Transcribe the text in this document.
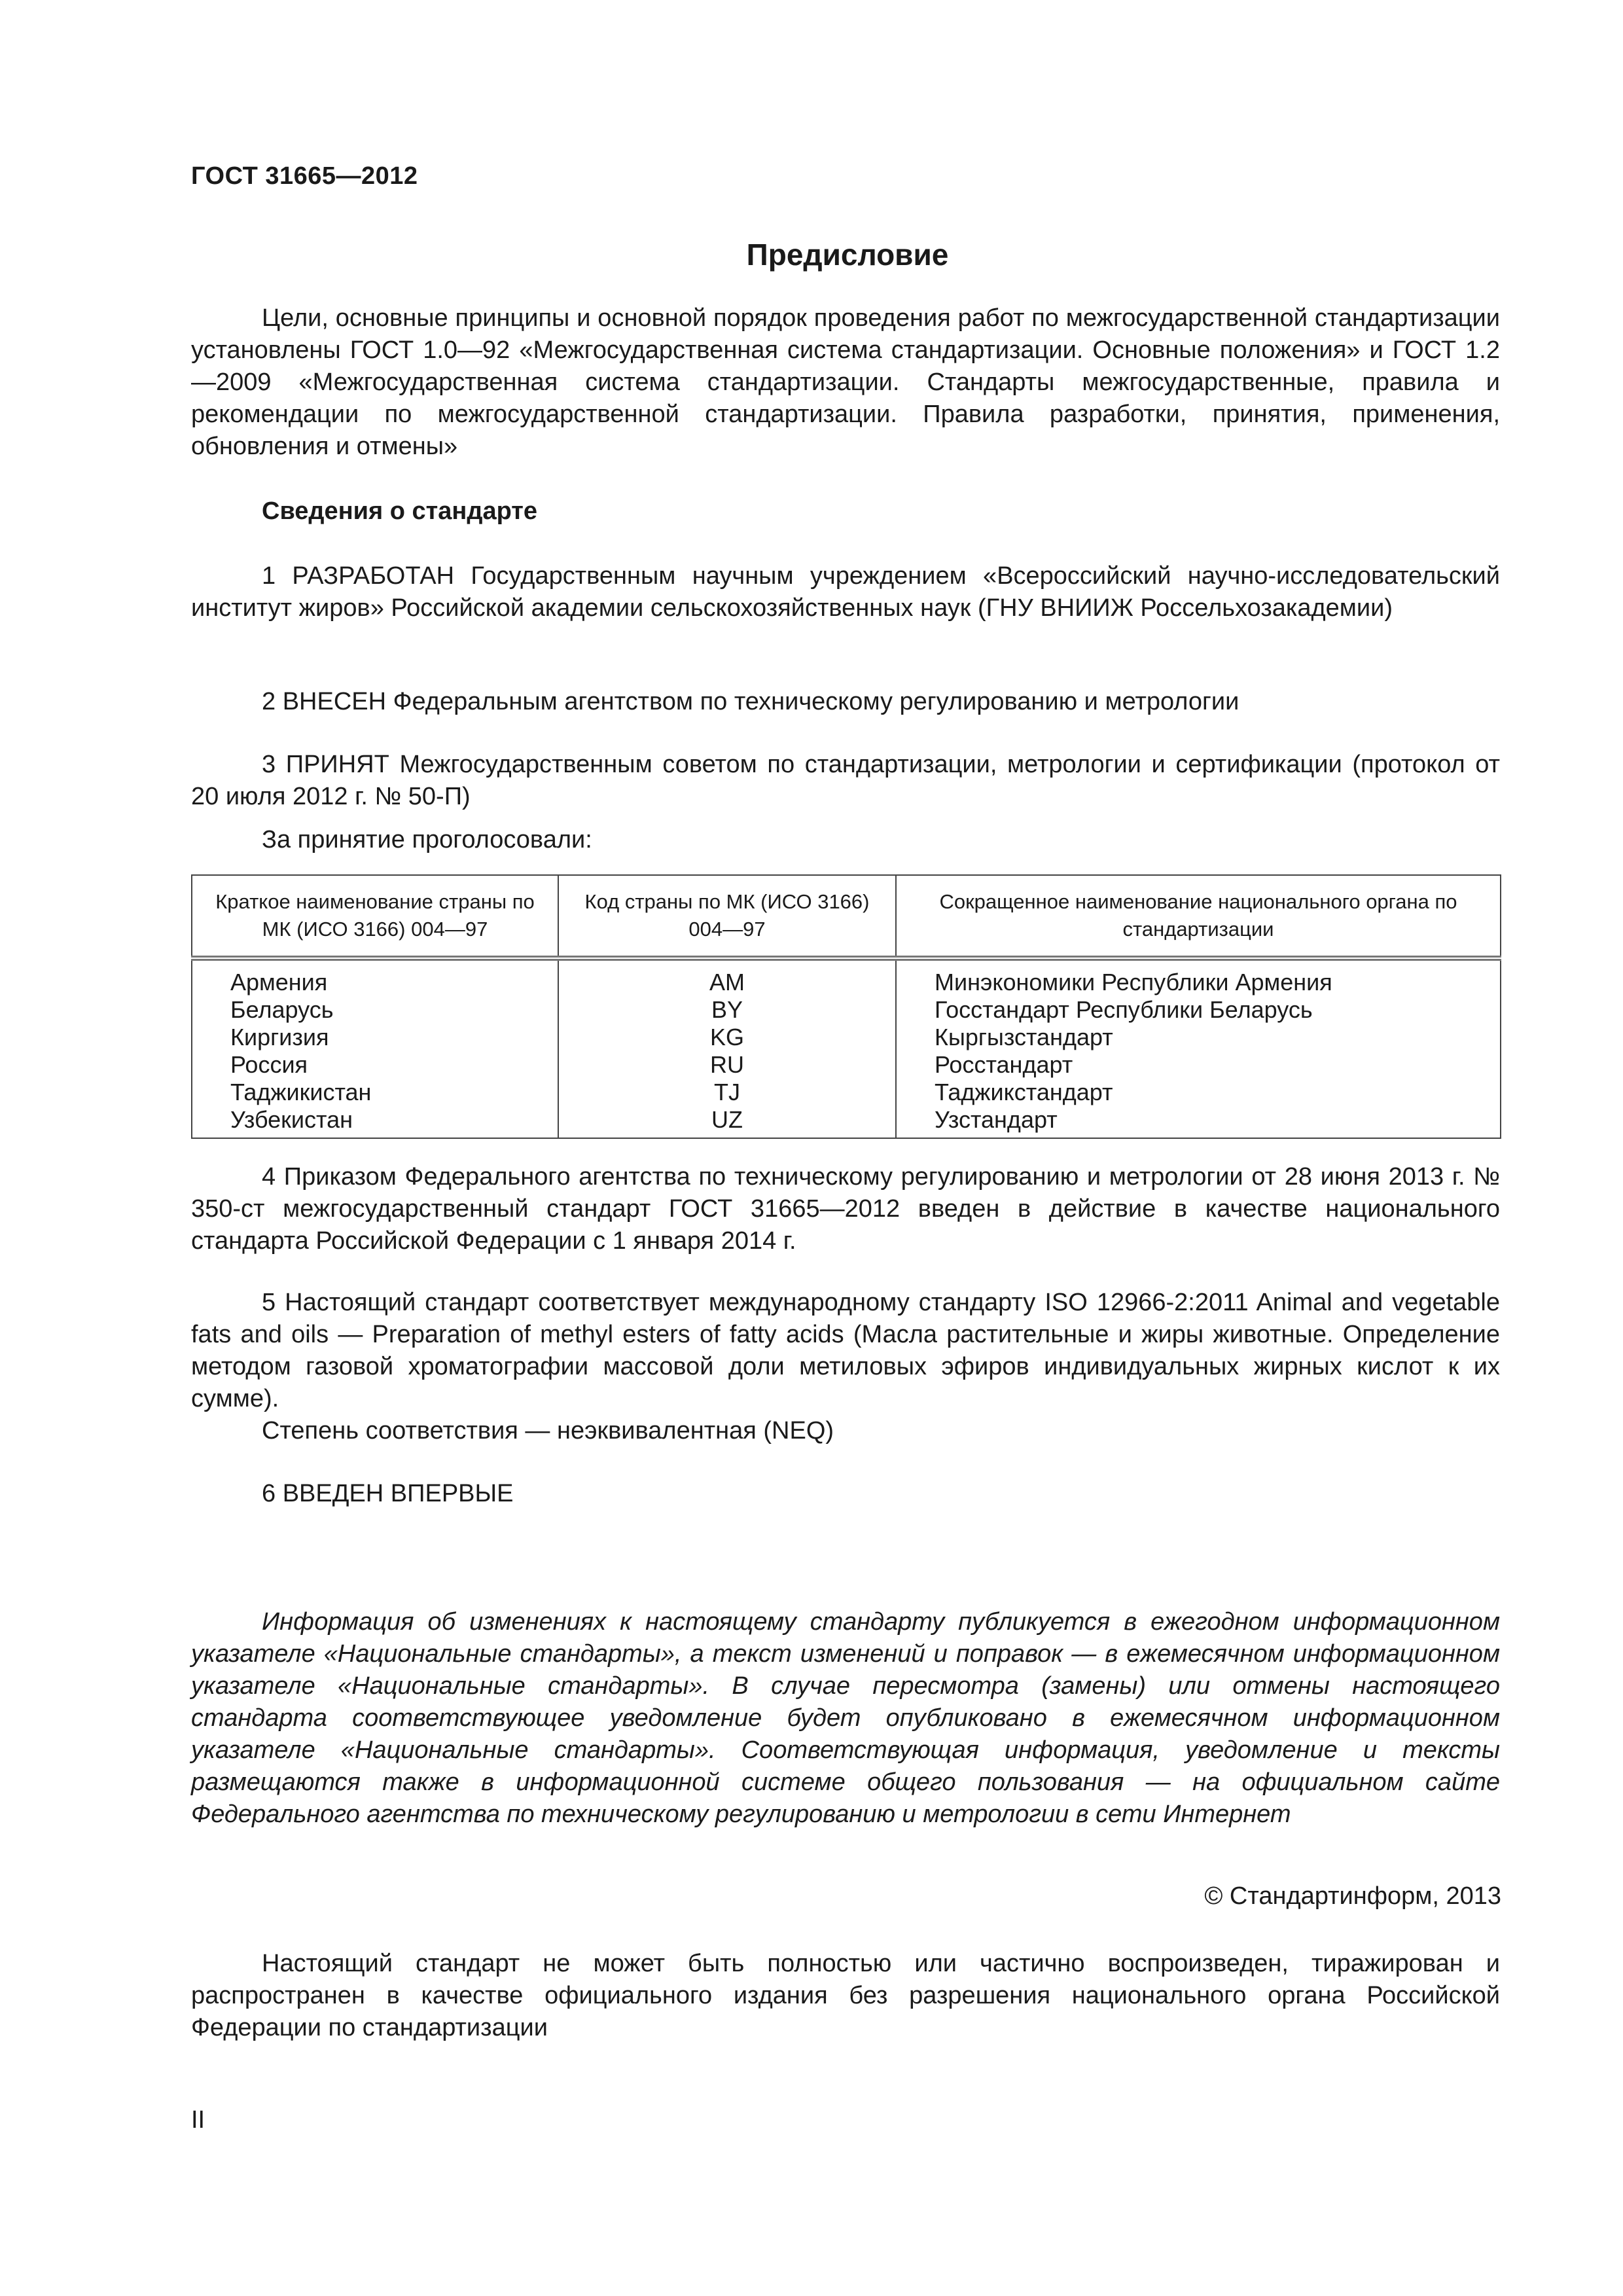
ГОСТ 31665—2012
Предисловие

Цели, основные принципы и основной порядок проведения работ по межгосударственной стандартизации установлены ГОСТ 1.0—92 «Межгосударственная система стандартизации. Основные положения» и ГОСТ 1.2—2009 «Межгосударственная система стандартизации. Стандарты межгосударственные, правила и рекомендации по межгосударственной стандартизации. Правила разработки, принятия, применения, обновления и отмены»

Сведения о стандарте

1 РАЗРАБОТАН Государственным научным учреждением «Всероссийский научно-исследовательский институт жиров» Российской академии сельскохозяйственных наук (ГНУ ВНИИЖ Россельхозакадемии)

2 ВНЕСЕН Федеральным агентством по техническому регулированию и метрологии

3 ПРИНЯТ Межгосударственным советом по стандартизации, метрологии и сертификации (протокол от 20 июля 2012 г. № 50-П)

За принятие проголосовали:
Краткое наименование страны по МК (ИСО 3166) 004—97	Код страны по МК (ИСО 3166) 004—97	Сокращенное наименование национального органа по стандартизации
Армения	AM	Минэкономики Республики Армения
Беларусь	BY	Госстандарт Республики Беларусь
Киргизия	KG	Кыргызстандарт
Россия	RU	Росстандарт
Таджикистан	TJ	Таджикстандарт
Узбекистан	UZ	Узстандарт

4 Приказом Федерального агентства по техническому регулированию и метрологии от 28 июня 2013 г. № 350-ст межгосударственный стандарт ГОСТ 31665—2012 введен в действие в качестве национального стандарта Российской Федерации с 1 января 2014 г.

5 Настоящий стандарт соответствует международному стандарту ISO 12966-2:2011 Animal and vegetable fats and oils — Preparation of methyl esters of fatty acids (Масла растительные и жиры животные. Определение методом газовой хроматографии массовой доли метиловых эфиров индивидуальных жирных кислот к их сумме).

Степень соответствия — неэквивалентная (NEQ)

6 ВВЕДЕН ВПЕРВЫЕ

Информация об изменениях к настоящему стандарту публикуется в ежегодном информационном указателе «Национальные стандарты», а текст изменений и поправок — в ежемесячном информационном указателе «Национальные стандарты». В случае пересмотра (замены) или отмены настоящего стандарта соответствующее уведомление будет опубликовано в ежемесячном информационном указателе «Национальные стандарты». Соответствующая информация, уведомление и тексты размещаются также в информационной системе общего пользования — на официальном сайте Федерального агентства по техническому регулированию и метрологии в сети Интернет

© Стандартинформ, 2013

Настоящий стандарт не может быть полностью или частично воспроизведен, тиражирован и распространен в качестве официального издания без разрешения национального органа Российской Федерации по стандартизации

II
